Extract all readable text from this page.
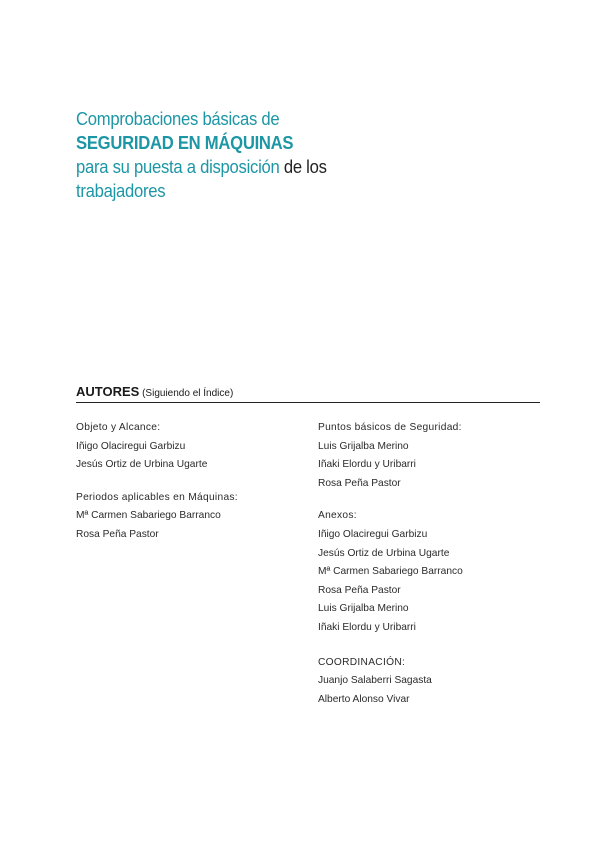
Comprobaciones básicas de
SEGURIDAD EN MÁQUINAS
para su puesta a disposición de los
trabajadores
AUTORES (Siguiendo el Índice)
Objeto y Alcance:
Iñigo Olaciregui Garbizu
Jesús Ortiz de Urbina Ugarte
Periodos aplicables en Máquinas:
Mª Carmen Sabariego Barranco
Rosa Peña Pastor
Puntos básicos de Seguridad:
Luis Grijalba Merino
Iñaki Elordu y Uribarri
Rosa Peña Pastor
Anexos:
Iñigo Olaciregui Garbizu
Jesús Ortiz de Urbina Ugarte
Mª Carmen Sabariego Barranco
Rosa Peña Pastor
Luis Grijalba Merino
Iñaki Elordu y Uribarri
COORDINACIÓN:
Juanjo Salaberri Sagasta
Alberto Alonso Vivar
